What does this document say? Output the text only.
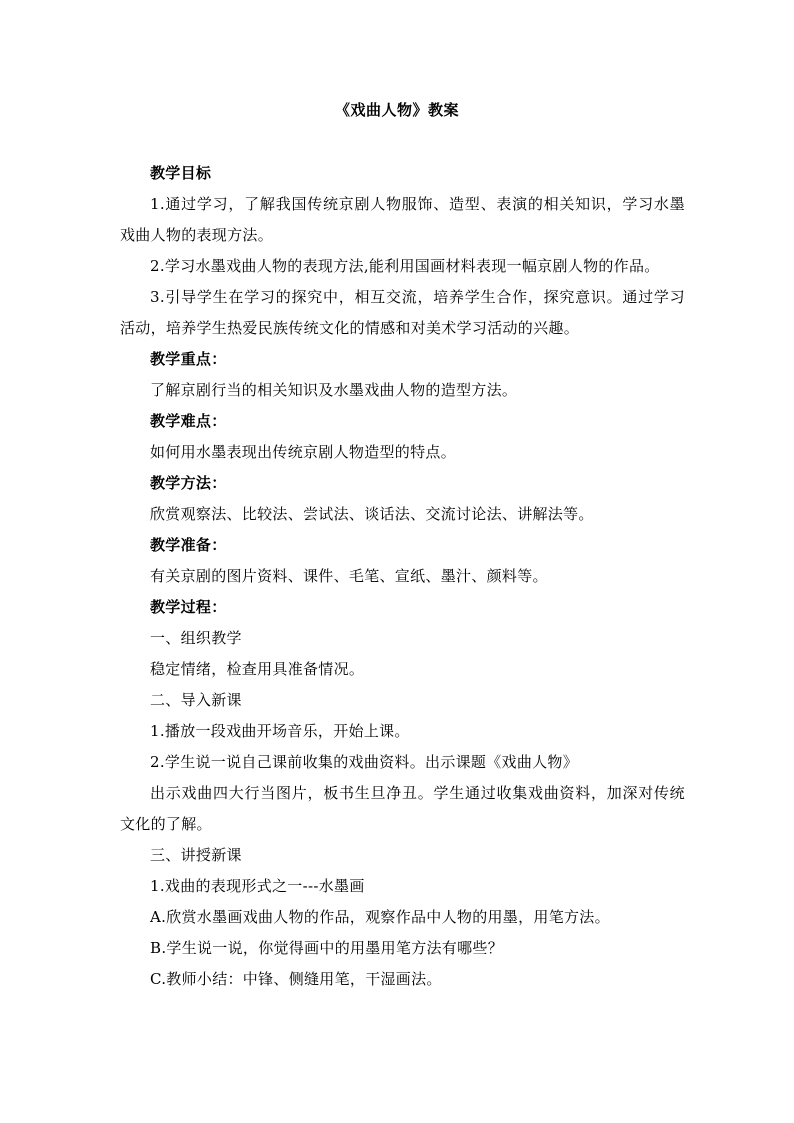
《戏曲人物》教案

教学目标

1.通过学习，了解我国传统京剧人物服饰、造型、表演的相关知识，学习水墨戏曲人物的表现方法。

2.学习水墨戏曲人物的表现方法,能利用国画材料表现一幅京剧人物的作品。

3.引导学生在学习的探究中，相互交流，培养学生合作，探究意识。通过学习活动，培养学生热爱民族传统文化的情感和对美术学习活动的兴趣。

教学重点：

了解京剧行当的相关知识及水墨戏曲人物的造型方法。

教学难点：

如何用水墨表现出传统京剧人物造型的特点。

教学方法：

欣赏观察法、比较法、尝试法、谈话法、交流讨论法、讲解法等。

教学准备：

有关京剧的图片资料、课件、毛笔、宣纸、墨汁、颜料等。

教学过程：

一、组织教学

稳定情绪，检查用具准备情况。

二、导入新课

1.播放一段戏曲开场音乐，开始上课。

2.学生说一说自己课前收集的戏曲资料。出示课题《戏曲人物》

出示戏曲四大行当图片，板书生旦净丑。学生通过收集戏曲资料，加深对传统文化的了解。

三、讲授新课

1.戏曲的表现形式之一---水墨画

A.欣赏水墨画戏曲人物的作品，观察作品中人物的用墨，用笔方法。

B.学生说一说，你觉得画中的用墨用笔方法有哪些？

C.教师小结：中锋、侧缝用笔，干湿画法。
